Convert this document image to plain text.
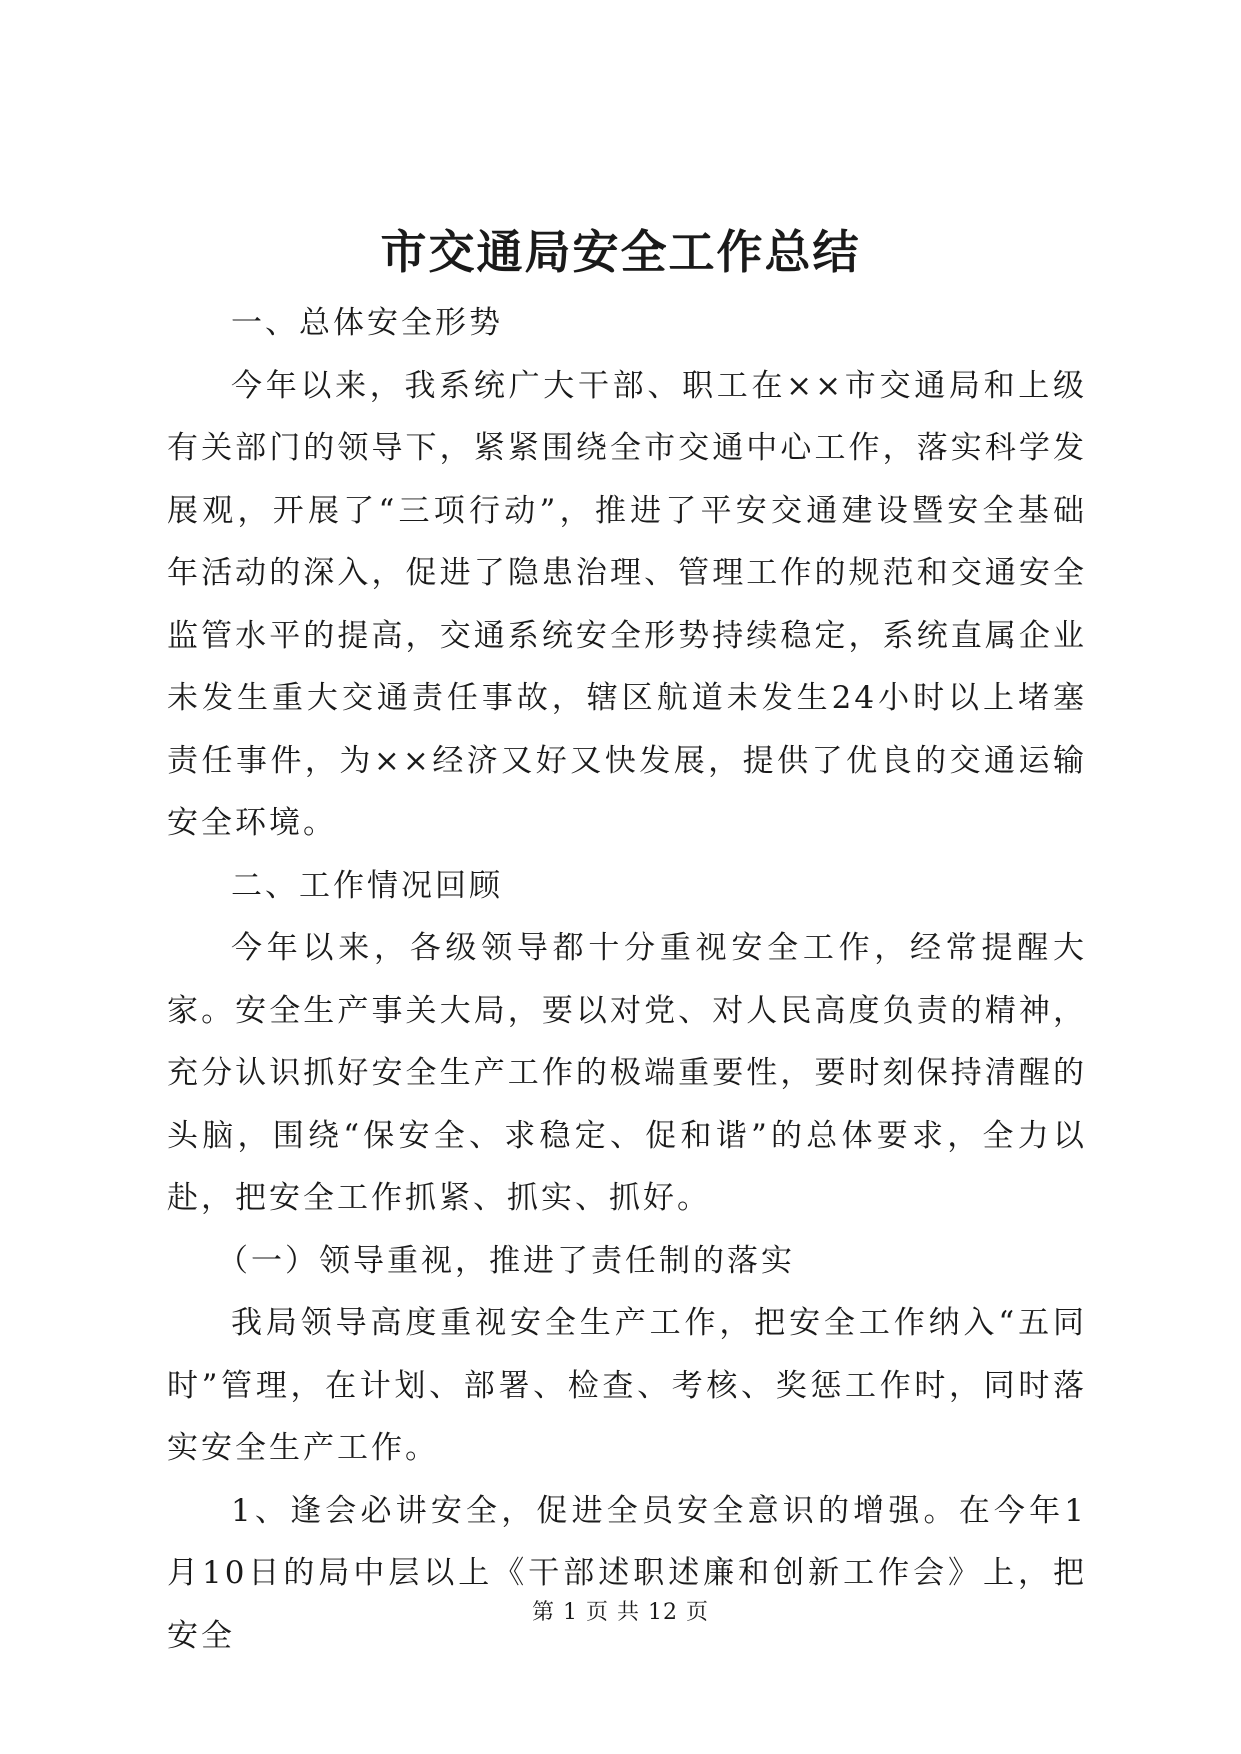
市交通局安全工作总结

一、总体安全形势

今年以来，我系统广大干部、职工在××市交通局和上级有关部门的领导下，紧紧围绕全市交通中心工作，落实科学发展观，开展了“三项行动”，推进了平安交通建设暨安全基础年活动的深入，促进了隐患治理、管理工作的规范和交通安全监管水平的提高，交通系统安全形势持续稳定，系统直属企业未发生重大交通责任事故，辖区航道未发生24小时以上堵塞责任事件，为××经济又好又快发展，提供了优良的交通运输安全环境。

二、工作情况回顾

今年以来，各级领导都十分重视安全工作，经常提醒大家。安全生产事关大局，要以对党、对人民高度负责的精神，充分认识抓好安全生产工作的极端重要性，要时刻保持清醒的头脑，围绕“保安全、求稳定、促和谐”的总体要求，全力以赴，把安全工作抓紧、抓实、抓好。

（一）领导重视，推进了责任制的落实

我局领导高度重视安全生产工作，把安全工作纳入“五同时”管理，在计划、部署、检查、考核、奖惩工作时，同时落实安全生产工作。

1、逢会必讲安全，促进全员安全意识的增强。在今年1月10日的局中层以上《干部述职述廉和创新工作会》上，把安全

第 1 页 共 12 页
